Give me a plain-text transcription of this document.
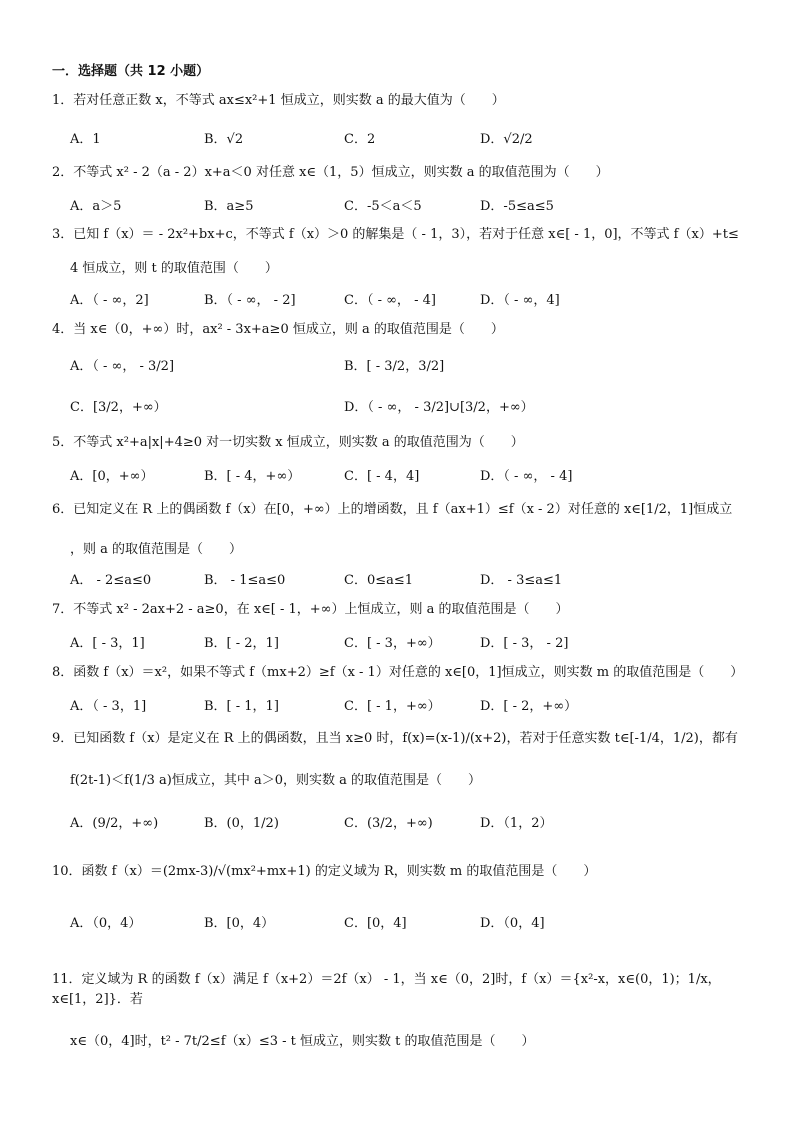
一．选择题（共 12 小题）
1．若对任意正数 x，不等式 ax≤x²+1 恒成立，则实数 a 的最大值为（　　）
A．1	B．√2	C．2	D．√2/2
2．不等式 x² - 2（a - 2）x+a＜0 对任意 x∈（1，5）恒成立，则实数 a 的取值范围为（　　）
A．a＞5	B．a≥5	C．-5＜a＜5	D．-5≤a≤5
3．已知 f（x）＝ - 2x²+bx+c，不等式 f（x）＞0 的解集是（ - 1，3），若对于任意 x∈[ - 1，0]，不等式 f（x）+t≤
4 恒成立，则 t 的取值范围（　　）
A．（ - ∞，2]	B．（ - ∞， - 2]	C．（ - ∞， - 4]	D．（ - ∞，4]
4．当 x∈（0，+∞）时，ax² - 3x+a≥0 恒成立，则 a 的取值范围是（　　）
A．（ - ∞， - 3/2]	B．[ - 3/2，3/2]
C．[3/2，+∞）	D．（ - ∞， - 3/2]∪[3/2，+∞）
5．不等式 x²+a|x|+4≥0 对一切实数 x 恒成立，则实数 a 的取值范围为（　　）
A．[0，+∞）	B．[ - 4，+∞）	C．[ - 4，4]	D．（ - ∞， - 4]
6．已知定义在 R 上的偶函数 f（x）在[0，+∞）上的增函数，且 f（ax+1）≤f（x - 2）对任意的 x∈[1/2，1]恒成立
，则 a 的取值范围是（　　）
A． - 2≤a≤0	B． - 1≤a≤0	C．0≤a≤1	D． - 3≤a≤1
7．不等式 x² - 2ax+2 - a≥0，在 x∈[ - 1，+∞）上恒成立，则 a 的取值范围是（　　）
A．[ - 3，1]	B．[ - 2，1]	C．[ - 3，+∞）	D．[ - 3， - 2]
8．函数 f（x）＝x²，如果不等式 f（mx+2）≥f（x - 1）对任意的 x∈[0，1]恒成立，则实数 m 的取值范围是（　　）
A．（ - 3，1]	B．[ - 1，1]	C．[ - 1，+∞）	D．[ - 2，+∞）
9．已知函数 f（x）是定义在 R 上的偶函数，且当 x≥0 时，f(x)=(x-1)/(x+2)，若对于任意实数 t∈[-1/4，1/2)，都有
f(2t-1)＜f(1/3 a)恒成立，其中 a＞0，则实数 a 的取值范围是（　　）
A．(9/2，+∞)	B．(0，1/2)	C．(3/2，+∞)	D．（1，2）
10．函数 f（x）＝(2mx-3)/√(mx²+mx+1) 的定义域为 R，则实数 m 的取值范围是（　　）
A．（0，4）	B．[0，4）	C．[0，4]	D．（0，4]
11．定义域为 R 的函数 f（x）满足 f（x+2）＝2f（x） - 1，当 x∈（0，2]时，f（x）＝{x²-x，x∈(0，1)；1/x，x∈[1，2]}．若
x∈（0，4]时，t² - 7t/2≤f（x）≤3 - t 恒成立，则实数 t 的取值范围是（　　）
